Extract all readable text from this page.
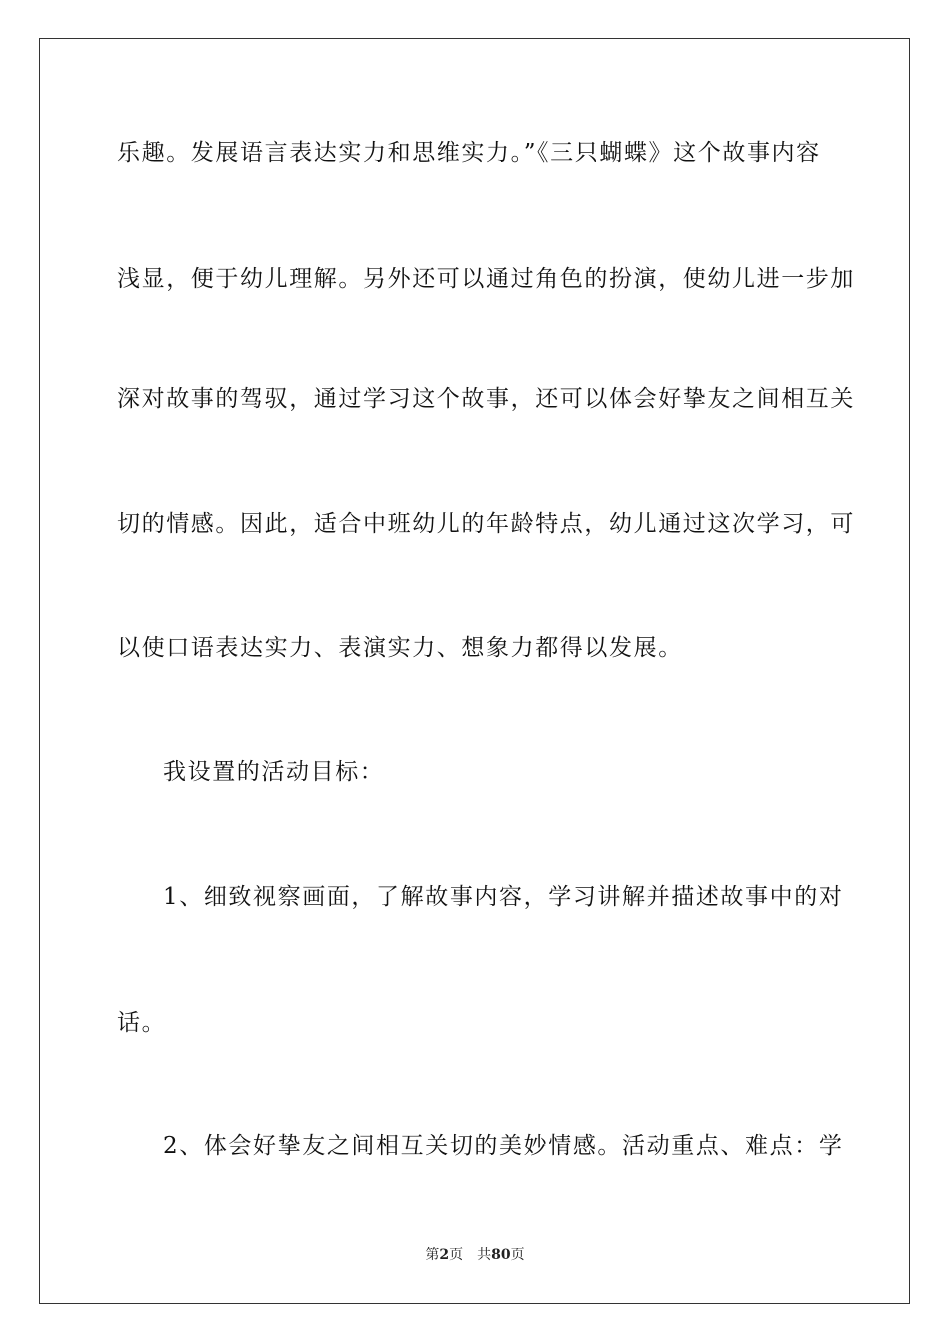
乐趣。发展语言表达实力和思维实力。”《三只蝴蝶》这个故事内容
浅显，便于幼儿理解。另外还可以通过角色的扮演，使幼儿进一步加
深对故事的驾驭，通过学习这个故事，还可以体会好挚友之间相互关
切的情感。因此，适合中班幼儿的年龄特点，幼儿通过这次学习，可
以使口语表达实力、表演实力、想象力都得以发展。
我设置的活动目标：
1、细致视察画面，了解故事内容，学习讲解并描述故事中的对
话。
2、体会好挚友之间相互关切的美妙情感。活动重点、难点：学
第2页 共80页
